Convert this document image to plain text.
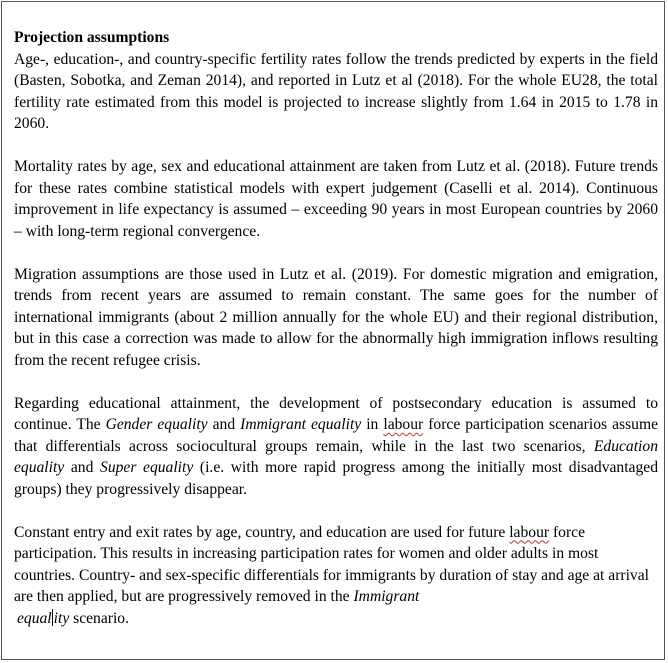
Projection assumptions

Age-, education-, and country-specific fertility rates follow the trends predicted by experts in the field (Basten, Sobotka, and Zeman 2014), and reported in Lutz et al (2018). For the whole EU28, the total fertility rate estimated from this model is projected to increase slightly from 1.64 in 2015 to 1.78 in 2060.

Mortality rates by age, sex and educational attainment are taken from Lutz et al. (2018). Future trends for these rates combine statistical models with expert judgement (Caselli et al. 2014). Continuous improvement in life expectancy is assumed – exceeding 90 years in most European countries by 2060 – with long-term regional convergence.

Migration assumptions are those used in Lutz et al. (2019). For domestic migration and emigration, trends from recent years are assumed to remain constant. The same goes for the number of international immigrants (about 2 million annually for the whole EU) and their regional distribution, but in this case a correction was made to allow for the abnormally high immigration inflows resulting from the recent refugee crisis.

Regarding educational attainment, the development of postsecondary education is assumed to continue. The Gender equality and Immigrant equality in labour force participation scenarios assume that differentials across sociocultural groups remain, while in the last two scenarios, Education equality and Super equality (i.e. with more rapid progress among the initially most disadvantaged groups) they progressively disappear.

Constant entry and exit rates by age, country, and education are used for future labour force participation. This results in increasing participation rates for women and older adults in most countries. Country- and sex-specific differentials for immigrants by duration of stay and age at arrival are then applied, but are progressively removed in the Immigrant
equal ity scenario.
